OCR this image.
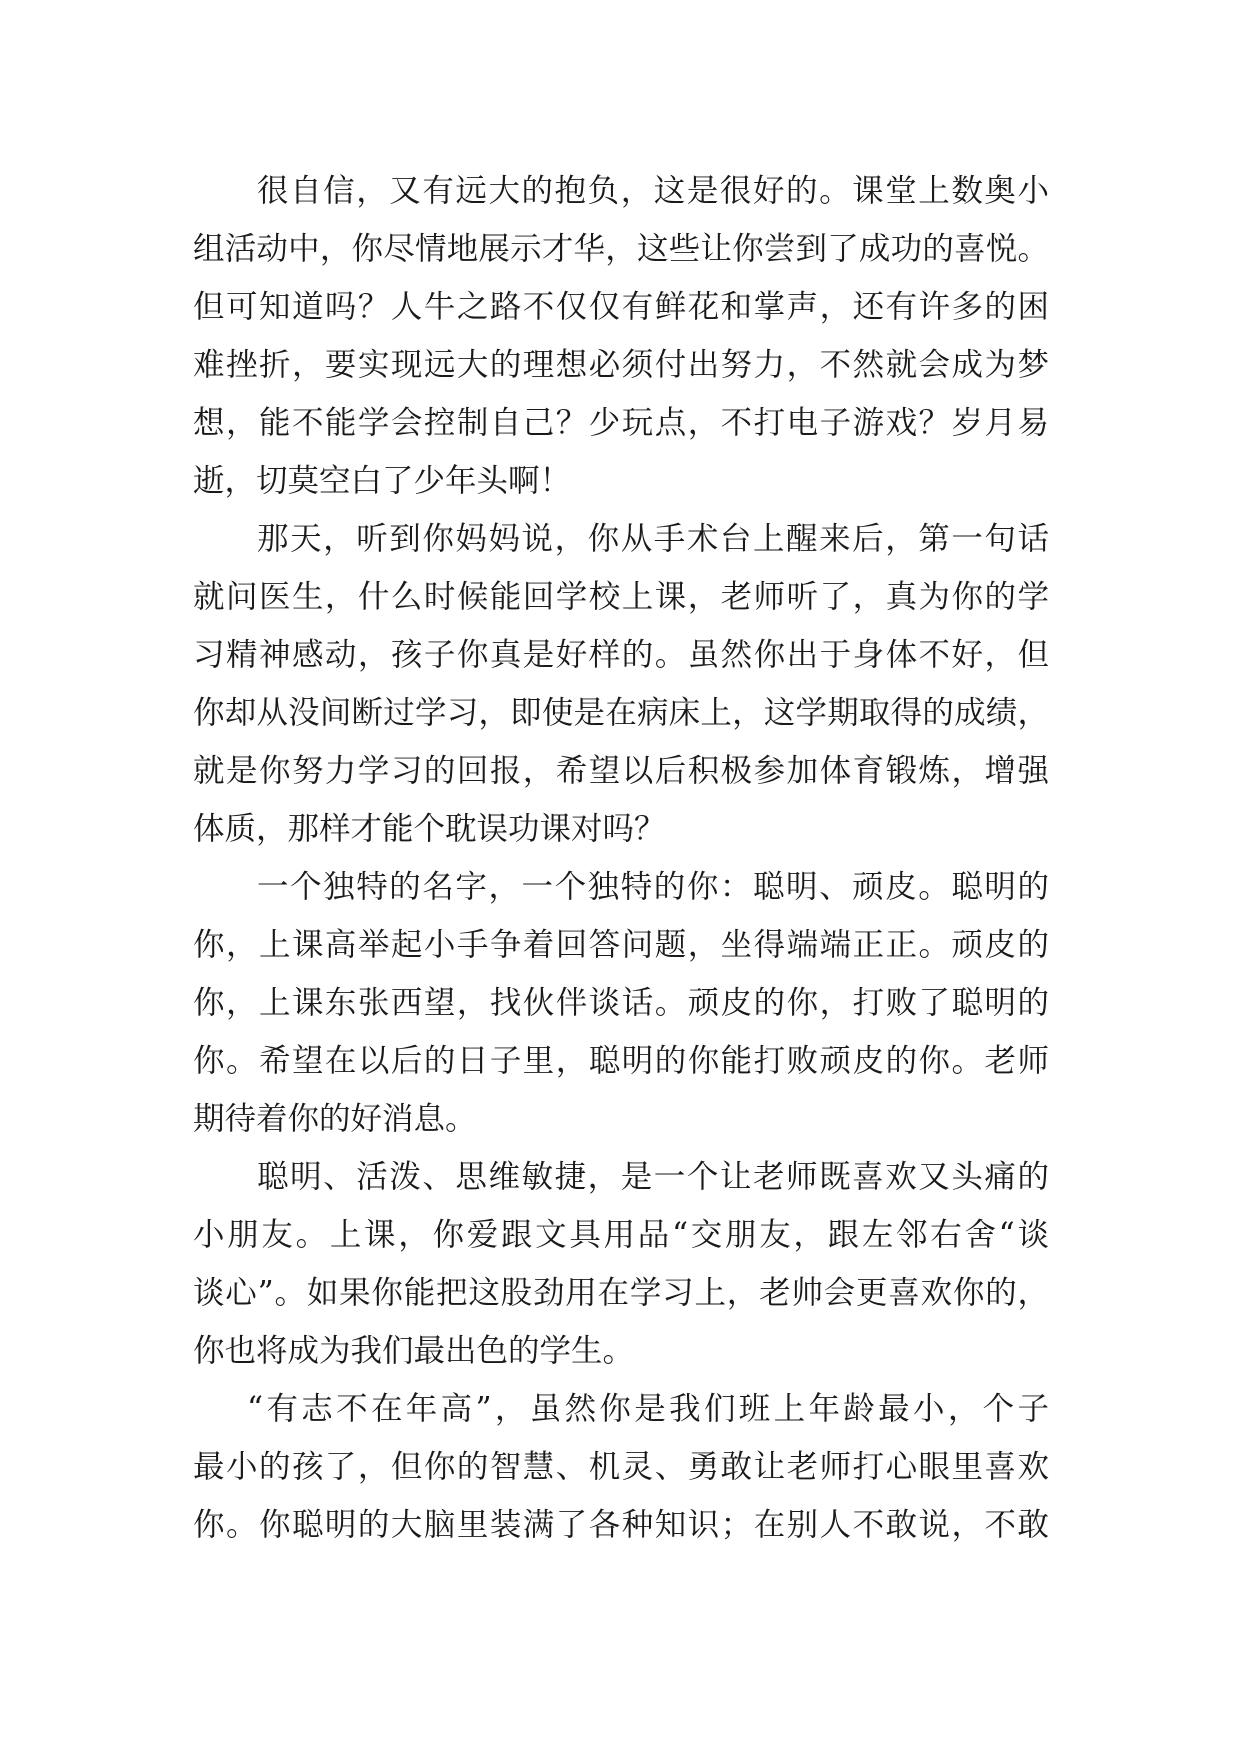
很自信，又有远大的抱负，这是很好的。课堂上数奥小
组活动中，你尽情地展示才华，这些让你尝到了成功的喜悦。
但可知道吗？人牛之路不仅仅有鲜花和掌声，还有许多的困
难挫折，要实现远大的理想必须付出努力，不然就会成为梦
想，能不能学会控制自己？少玩点，不打电子游戏？岁月易
逝，切莫空白了少年头啊！
那天，听到你妈妈说，你从手术台上醒来后，第一句话
就问医生，什么时候能回学校上课，老师听了，真为你的学
习精神感动，孩子你真是好样的。虽然你出于身体不好，但
你却从没间断过学习，即使是在病床上，这学期取得的成绩，
就是你努力学习的回报，希望以后积极参加体育锻炼，增强
体质，那样才能个耽误功课对吗？
一个独特的名字，一个独特的你：聪明、顽皮。聪明的
你，上课高举起小手争着回答问题，坐得端端正正。顽皮的
你，上课东张西望，找伙伴谈话。顽皮的你，打败了聪明的
你。希望在以后的日子里，聪明的你能打败顽皮的你。老师
期待着你的好消息。
聪明、活泼、思维敏捷，是一个让老师既喜欢又头痛的
小朋友。上课，你爱跟文具用品“交朋友，跟左邻右舍“谈
谈心”。如果你能把这股劲用在学习上，老帅会更喜欢你的，
你也将成为我们最出色的学生。
“有志不在年高”，虽然你是我们班上年龄最小，个子
最小的孩了，但你的智慧、机灵、勇敢让老师打心眼里喜欢
你。你聪明的大脑里装满了各种知识；在别人不敢说，不敢
